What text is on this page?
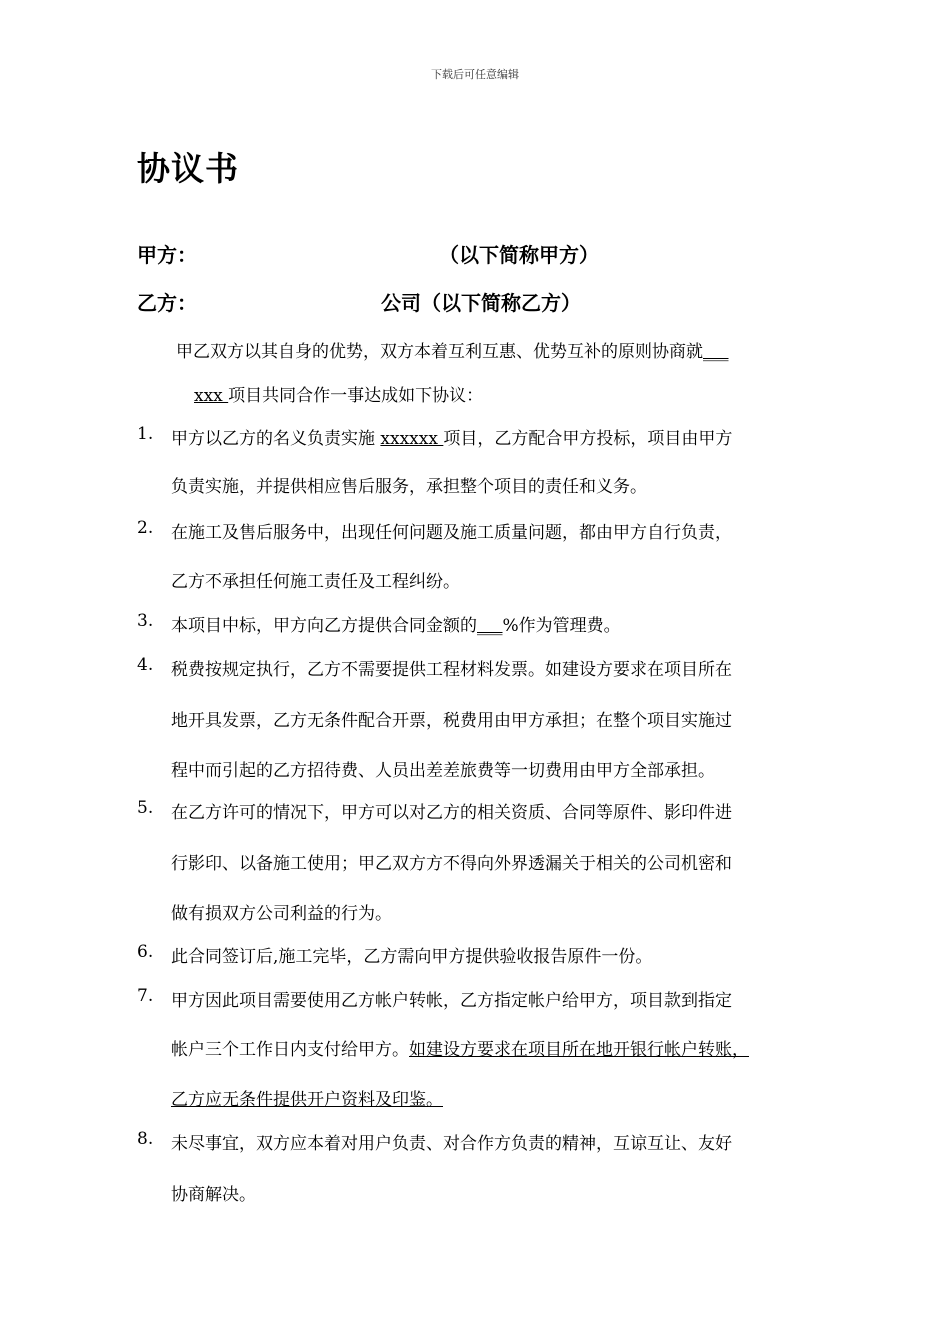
下载后可任意编辑
协议书
甲方：	（以下简称甲方）
乙方：	公司（以下简称乙方）
甲乙双方以其自身的优势，双方本着互利互惠、优势互补的原则协商就___
xxx 项目共同合作一事达成如下协议：
1. 甲方以乙方的名义负责实施 xxxxxx 项目，乙方配合甲方投标，项目由甲方
负责实施，并提供相应售后服务，承担整个项目的责任和义务。
2. 在施工及售后服务中，出现任何问题及施工质量问题，都由甲方自行负责，
乙方不承担任何施工责任及工程纠纷。
3. 本项目中标，甲方向乙方提供合同金额的___%作为管理费。
4. 税费按规定执行，乙方不需要提供工程材料发票。如建设方要求在项目所在
地开具发票，乙方无条件配合开票，税费用由甲方承担；在整个项目实施过
程中而引起的乙方招待费、人员出差差旅费等一切费用由甲方全部承担。
5. 在乙方许可的情况下，甲方可以对乙方的相关资质、合同等原件、影印件进
行影印、以备施工使用；甲乙双方方不得向外界透漏关于相关的公司机密和
做有损双方公司利益的行为。
6. 此合同签订后,施工完毕，乙方需向甲方提供验收报告原件一份。
7. 甲方因此项目需要使用乙方帐户转帐，乙方指定帐户给甲方，项目款到指定
帐户三个工作日内支付给甲方。如建设方要求在项目所在地开银行帐户转账，
乙方应无条件提供开户资料及印鉴。
8. 未尽事宜，双方应本着对用户负责、对合作方负责的精神，互谅互让、友好
协商解决。
